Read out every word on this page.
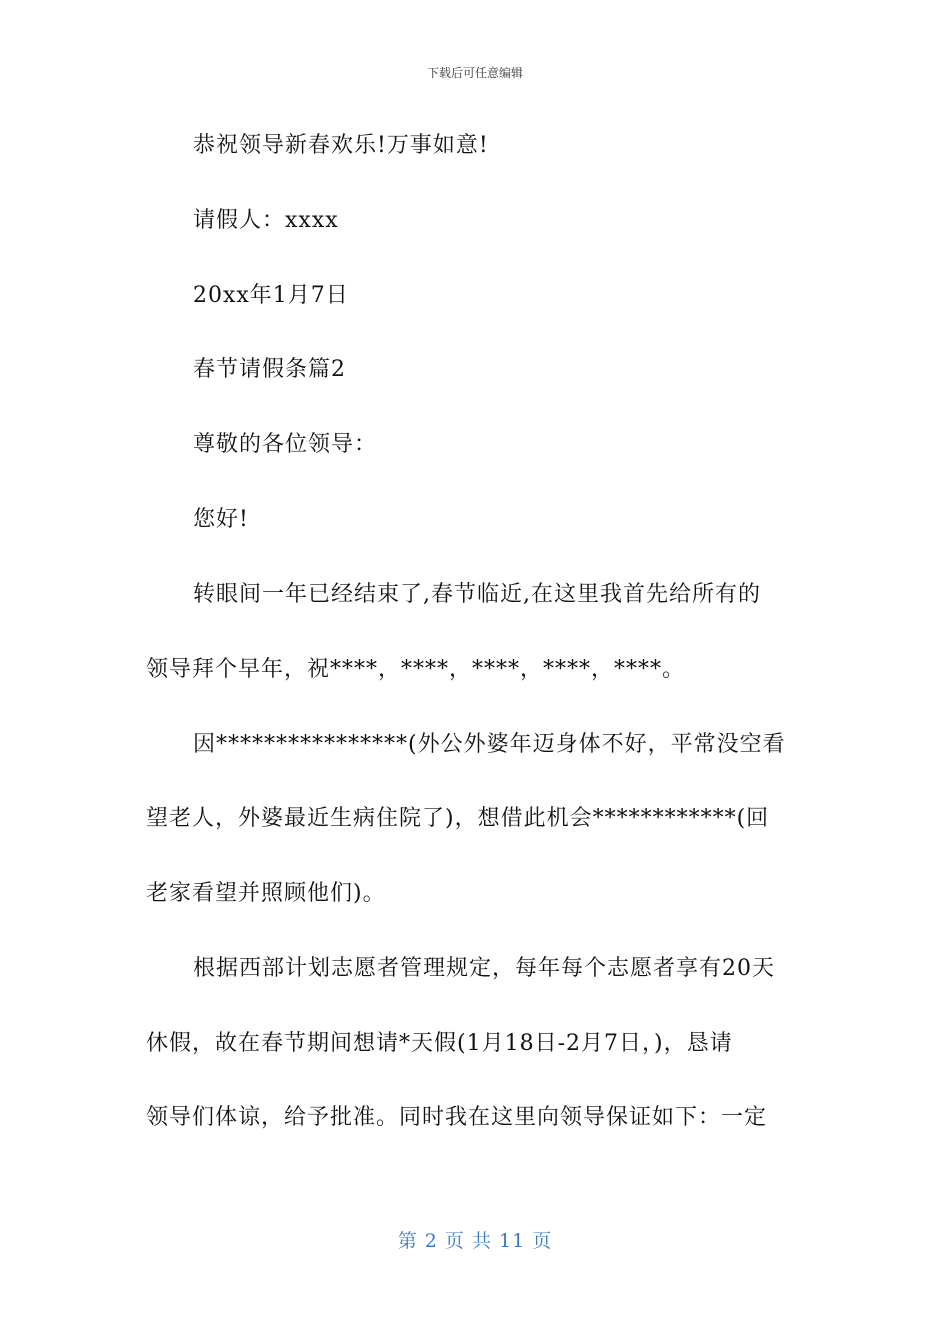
下载后可任意编辑
恭祝领导新春欢乐!万事如意!
请假人：xxxx
20xx年1月7日
春节请假条篇2
尊敬的各位领导：
您好!
转眼间一年已经结束了,春节临近,在这里我首先给所有的
领导拜个早年，祝****，****，****，****，****。
因****************(外公外婆年迈身体不好，平常没空看
望老人，外婆最近生病住院了)，想借此机会************(回
老家看望并照顾他们)。
根据西部计划志愿者管理规定，每年每个志愿者享有20天
休假，故在春节期间想请*天假(1月18日-2月7日，)，恳请
领导们体谅，给予批准。同时我在这里向领导保证如下：一定
第 2 页 共 11 页
